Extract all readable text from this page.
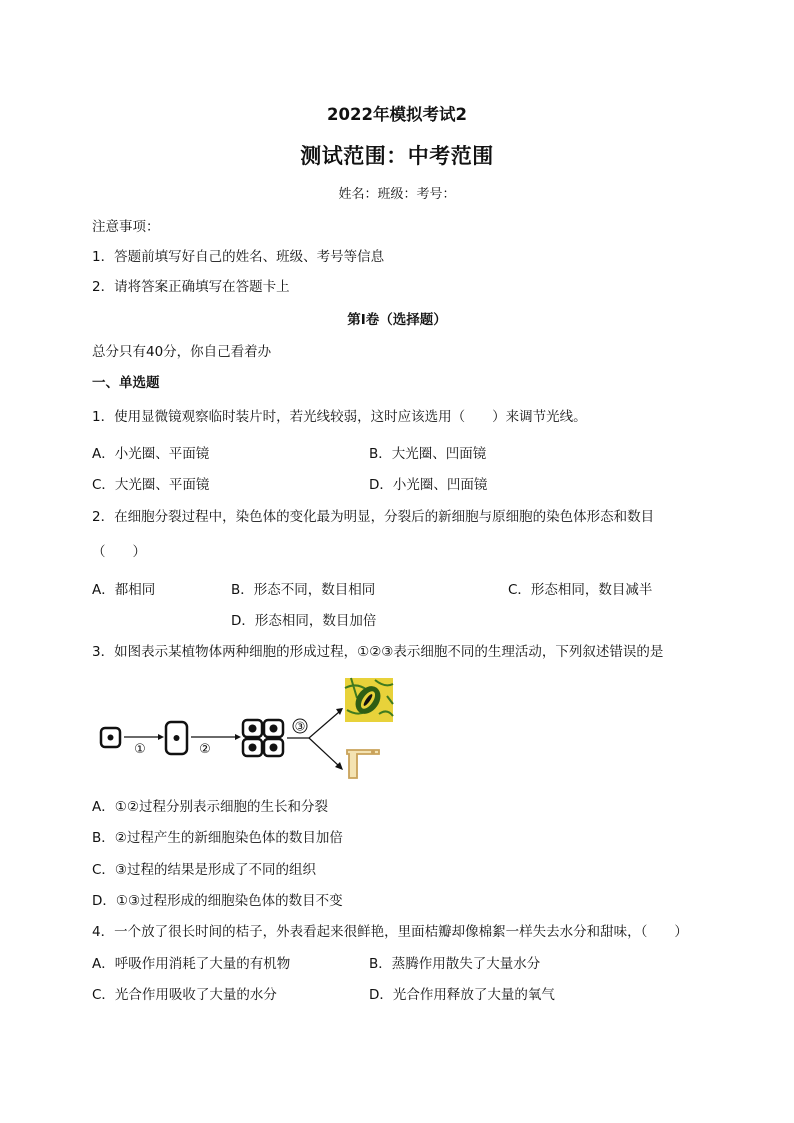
2022年模拟考试2
测试范围：中考范围
姓名：班级：考号：
注意事项：
1．答题前填写好自己的姓名、班级、考号等信息
2．请将答案正确填写在答题卡上
第I卷（选择题）
总分只有40分，你自己看着办
一、单选题
1．使用显微镜观察临时装片时，若光线较弱，这时应该选用（　　）来调节光线。
A．小光圈、平面镜	B．大光圈、凹面镜
C．大光圈、平面镜	D．小光圈、凹面镜
2．在细胞分裂过程中，染色体的变化最为明显，分裂后的新细胞与原细胞的染色体形态和数目
（　　）
A．都相同	B．形态不同，数目相同	C．形态相同，数目减半
D．形态相同，数目加倍
3．如图表示某植物体两种细胞的形成过程，①②③表示细胞不同的生理活动，下列叙述错误的是
①	②
③
A．①②过程分别表示细胞的生长和分裂
B．②过程产生的新细胞染色体的数目加倍
C．③过程的结果是形成了不同的组织
D．①③过程形成的细胞染色体的数目不变
4．一个放了很长时间的桔子，外表看起来很鲜艳，里面桔瓣却像棉絮一样失去水分和甜味，（　　）
A．呼吸作用消耗了大量的有机物	B．蒸腾作用散失了大量水分
C．光合作用吸收了大量的水分	D．光合作用释放了大量的氧气
